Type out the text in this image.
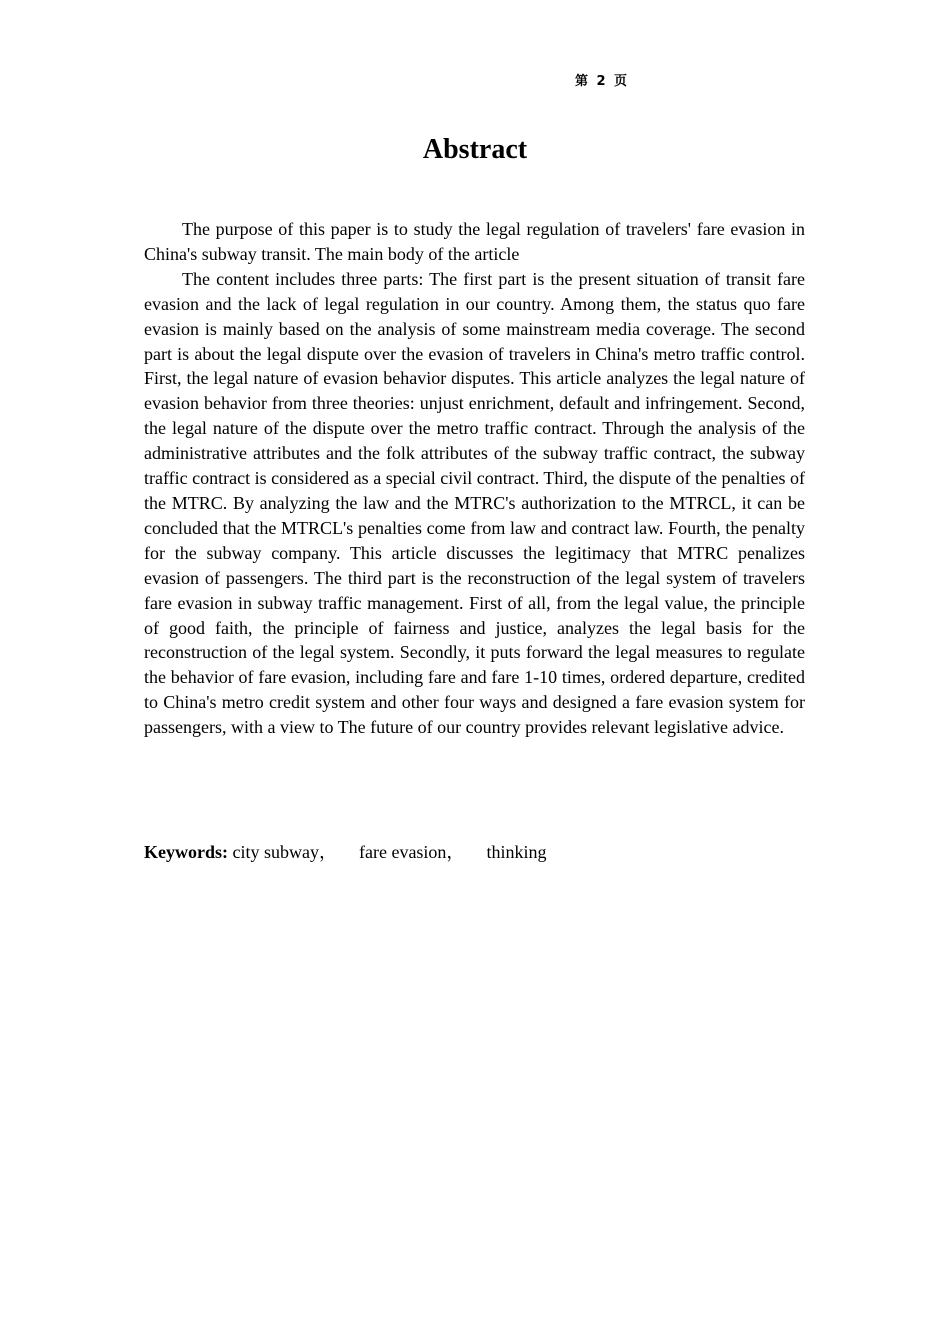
第 2 页
Abstract

The purpose of this paper is to study the legal regulation of travelers' fare evasion in China's subway transit. The main body of the article

The content includes three parts: The first part is the present situation of transit fare evasion and the lack of legal regulation in our country. Among them, the status quo fare evasion is mainly based on the analysis of some mainstream media coverage. The second part is about the legal dispute over the evasion of travelers in China's metro traffic control. First, the legal nature of evasion behavior disputes. This article analyzes the legal nature of evasion behavior from three theories: unjust enrichment, default and infringement. Second, the legal nature of the dispute over the metro traffic contract. Through the analysis of the administrative attributes and the folk attributes of the subway traffic contract, the subway traffic contract is considered as a special civil contract. Third, the dispute of the penalties of the MTRC. By analyzing the law and the MTRC's authorization to the MTRCL, it can be concluded that the MTRCL's penalties come from law and contract law. Fourth, the penalty for the subway company. This article discusses the legitimacy that MTRC penalizes evasion of passengers. The third part is the reconstruction of the legal system of travelers fare evasion in subway traffic management. First of all, from the legal value, the principle of good faith, the principle of fairness and justice, analyzes the legal basis for the reconstruction of the legal system. Secondly, it puts forward the legal measures to regulate the behavior of fare evasion, including fare and fare 1-10 times, ordered departure, credited to China's metro credit system and other four ways and designed a fare evasion system for passengers, with a view to The future of our country provides relevant legislative advice.

Keywords: city subway， fare evasion， thinking
